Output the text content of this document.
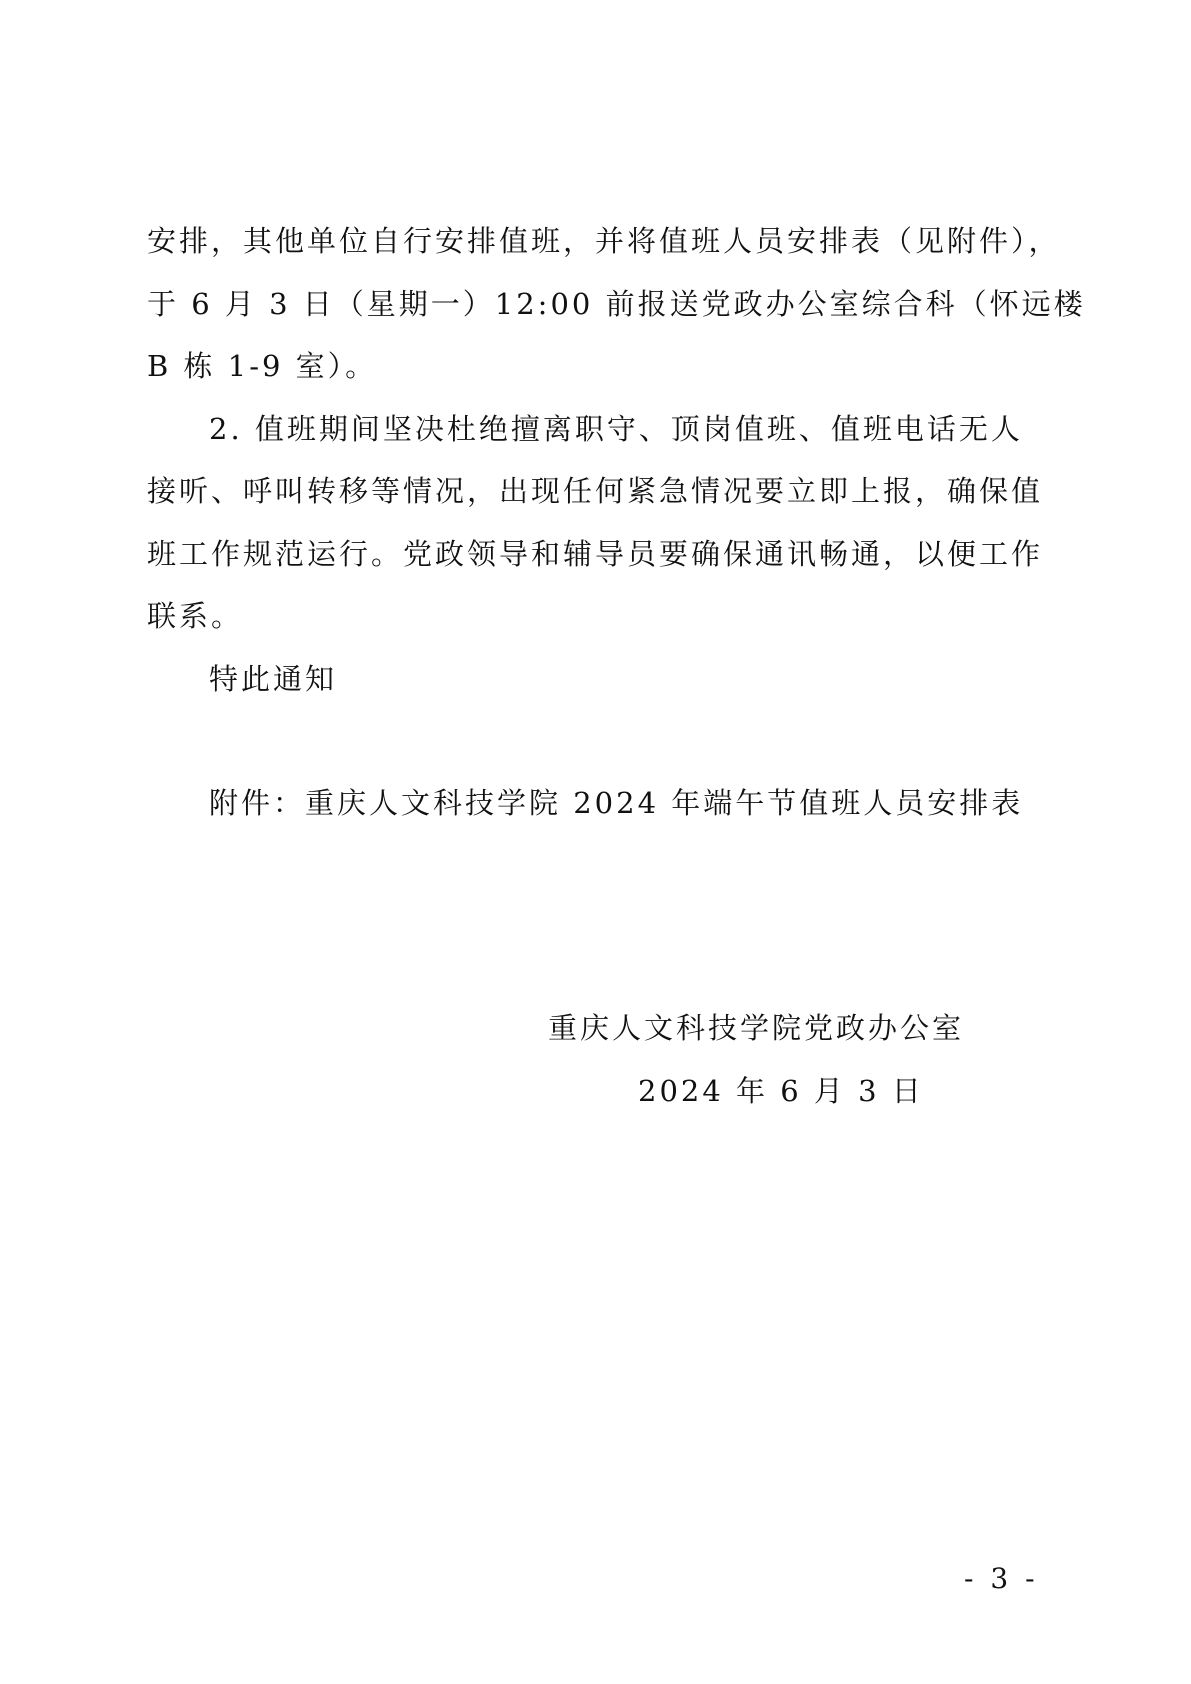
安排，其他单位自行安排值班，并将值班人员安排表（见附件），
于 6 月 3 日（星期一）12:00 前报送党政办公室综合科（怀远楼
B 栋 1-9 室）。
2. 值班期间坚决杜绝擅离职守、顶岗值班、值班电话无人
接听、呼叫转移等情况，出现任何紧急情况要立即上报，确保值
班工作规范运行。党政领导和辅导员要确保通讯畅通，以便工作
联系。
特此通知
附件：重庆人文科技学院 2024 年端午节值班人员安排表
重庆人文科技学院党政办公室
2024 年 6 月 3 日
- 3 -
